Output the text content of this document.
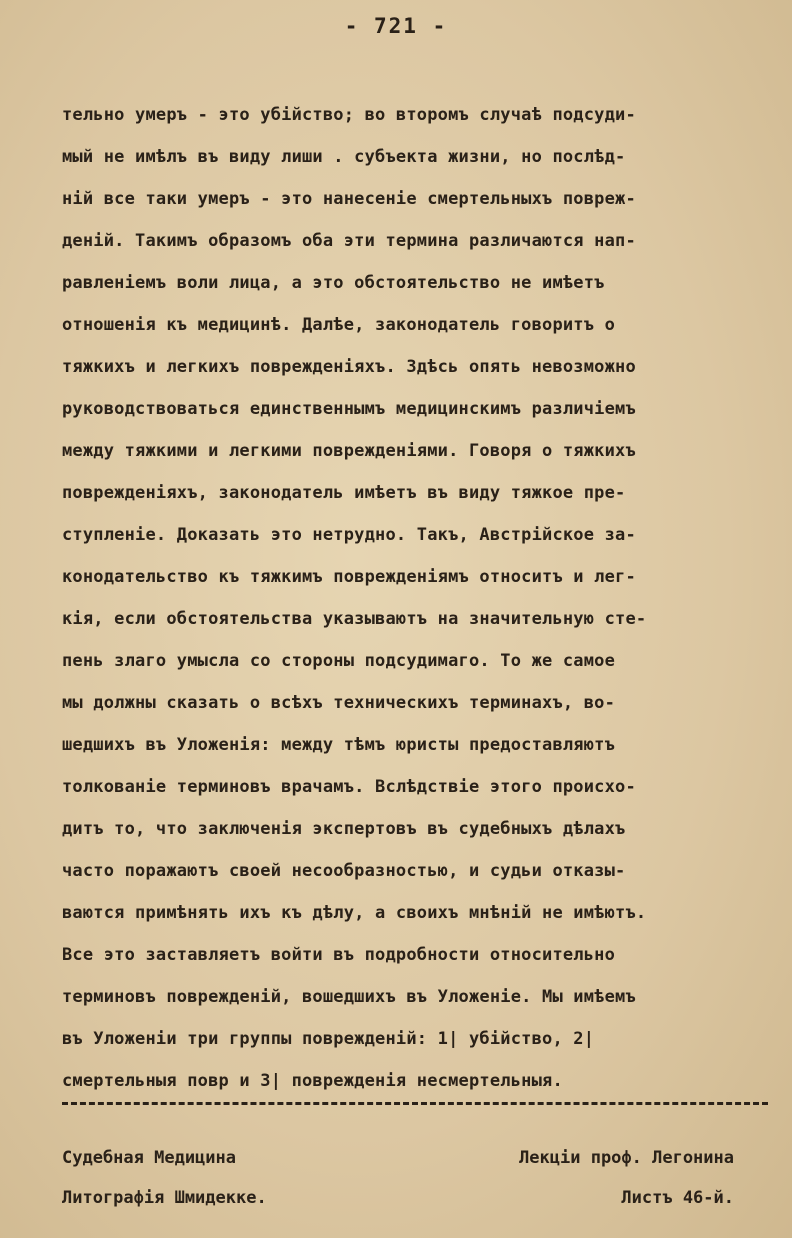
- 721 -
тельно умеръ - это убійство; во второмъ случаѣ подсуди-
мый не имѣлъ въ виду лиши . субъекта жизни, но послѣд-
ній все таки умеръ - это нанесеніе смертельныхъ повреж-
деній. Такимъ образомъ оба эти термина различаются нап-
равленіемъ воли лица, а это обстоятельство не имѣетъ
отношенія къ медицинѣ. Далѣе, законодатель говоритъ о
тяжкихъ и легкихъ поврежденіяхъ. Здѣсь опять невозможно
руководствоваться единственнымъ медицинскимъ различіемъ
между тяжкими и легкими поврежденіями. Говоря о тяжкихъ
поврежденіяхъ, законодатель имѣетъ въ виду тяжкое пре-
ступленіе. Доказать это нетрудно. Такъ, Австрійское за-
конодательство къ тяжкимъ поврежденіямъ относитъ и лег-
кія, если обстоятельства указываютъ на значительную сте-
пень злаго умысла со стороны подсудимаго. То же самое
мы должны сказать о всѣхъ техническихъ терминахъ, во-
шедшихъ въ Уложенія: между тѣмъ юристы предоставляютъ
толкованіе терминовъ врачамъ. Вслѣдствіе этого происхо-
дитъ то, что заключенія экспертовъ въ судебныхъ дѣлахъ
часто поражаютъ своей несообразностью, и судьи отказы-
ваются примѣнять ихъ къ дѣлу, а своихъ мнѣній не имѣютъ.
Все это заставляетъ войти въ подробности относительно
терминовъ поврежденій, вошедшихъ въ Уложеніе. Мы имѣемъ
въ Уложеніи три группы поврежденій: 1| убійство, 2|
смертельныя повр и 3| поврежденія несмертельныя.
Судебная Медицина	Лекціи проф. Легонина
Литографія Шмидекке.	Листъ 46-й.
